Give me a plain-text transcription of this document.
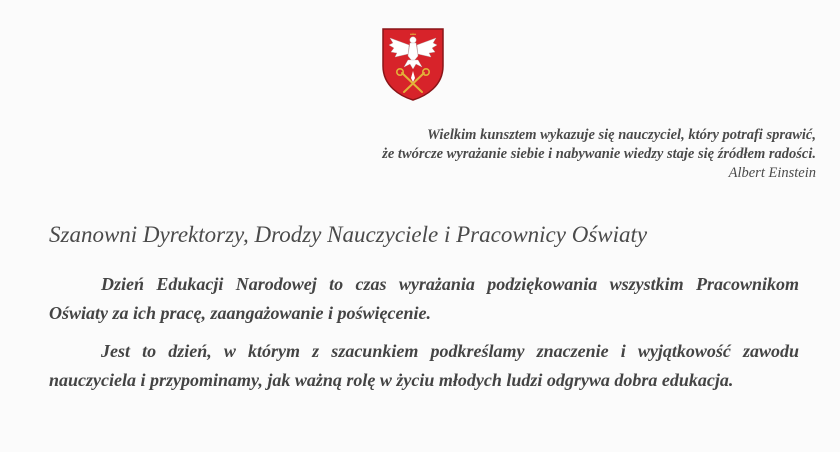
Wielkim kunsztem wykazuje się nauczyciel, który potrafi sprawić,
że twórcze wyrażanie siebie i nabywanie wiedzy staje się źródłem radości.
Albert Einstein
Szanowni Dyrektorzy, Drodzy Nauczyciele i Pracownicy Oświaty

Dzień Edukacji Narodowej to czas wyrażania podziękowania wszystkim Pracownikom Oświaty za ich pracę, zaangażowanie i poświęcenie.

Jest to dzień, w którym z szacunkiem podkreślamy znaczenie i wyjątkowość zawodu nauczyciela i przypominamy, jak ważną rolę w życiu młodych ludzi odgrywa dobra edukacja.
